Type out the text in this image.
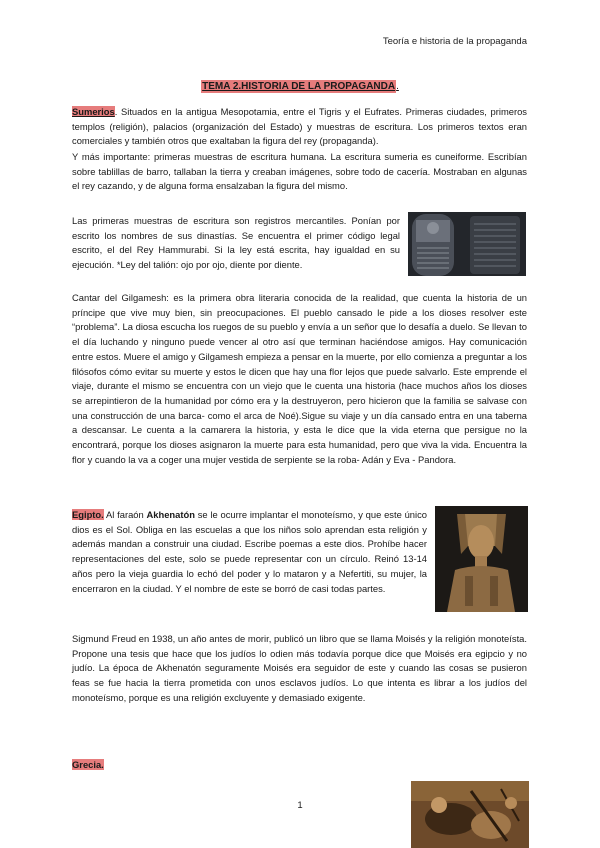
Teoría e historia de la propaganda
TEMA 2.HISTORIA DE LA PROPAGANDA.

Sumerios. Situados en la antigua Mesopotamia, entre el Tigris y el Eufrates. Primeras ciudades, primeros templos (religión), palacios (organización del Estado) y muestras de escritura. Los primeros textos eran comerciales y también otros que exaltaban la figura del rey (propaganda).

Y más importante: primeras muestras de escritura humana. La escritura sumeria es cuneiforme. Escribían sobre tablillas de barro, tallaban la tierra y creaban imágenes, sobre todo de cacería. Mostraban en algunas el rey cazando, y de alguna forma ensalzaban la figura del mismo.

Las primeras muestras de escritura son registros mercantiles. Ponían por escrito los nombres de sus dinastías. Se encuentra el primer código legal escrito, el del Rey Hammurabi. Si la ley está escrita, hay igualdad en su ejecución. *Ley del talión: ojo por ojo, diente por diente.

Cantar del Gilgamesh: es la primera obra literaria conocida de la realidad, que cuenta la historia de un príncipe que vive muy bien, sin preocupaciones. El pueblo cansado le pide a los dioses resolver este “problema”. La diosa escucha los ruegos de su pueblo y envía a un señor que lo desafía a duelo. Se llevan to el día luchando y ninguno puede vencer al otro así que terminan haciéndose amigos. Hay comunicación entre estos. Muere el amigo y Gilgamesh empieza a pensar en la muerte, por ello comienza a preguntar a los filósofos cómo evitar su muerte y estos le dicen que hay una flor lejos que puede salvarlo. Este emprende el viaje, durante el mismo se encuentra con un viejo que le cuenta una historia (hace muchos años los dioses se arrepintieron de la humanidad por cómo era y la destruyeron, pero hicieron que la familia se salvase con una construcción de una barca- como el arca de Noé).Sigue su viaje y un día cansado entra en una taberna a descansar. Le cuenta a la camarera la historia, y esta le dice que la vida eterna que persigue no la encontrará, porque los dioses asignaron la muerte para esta humanidad, pero que viva la vida. Encuentra la flor y cuando la va a coger una mujer vestida de serpiente se la roba- Adán y Eva - Pandora.

Egipto. Al faraón Akhenatón se le ocurre implantar el monoteísmo, y que este único dios es el Sol. Obliga en las escuelas a que los niños solo aprendan esta religión y además mandan a construir una ciudad. Escribe poemas a este dios. Prohíbe hacer representaciones del este, solo se puede representar con un círculo. Reinó 13-14 años pero la vieja guardia lo echó del poder y lo mataron y a Nefertiti, su mujer, la encerraron en la ciudad. Y el nombre de este se borró de casi todas partes.

Sigmund Freud en 1938, un año antes de morir, publicó un libro que se llama Moisés y la religión monoteísta. Propone una tesis que hace que los judíos lo odien más todavía porque dice que Moisés era egipcio y no judío. La época de Akhenatón seguramente Moisés era seguidor de este y cuando las cosas se pusieron feas se fue hacia la tierra prometida con unos esclavos judíos. Lo que intenta es librar a los judíos del monoteísmo, porque es una religión excluyente y demasiado exigente.

Grecia.

1
